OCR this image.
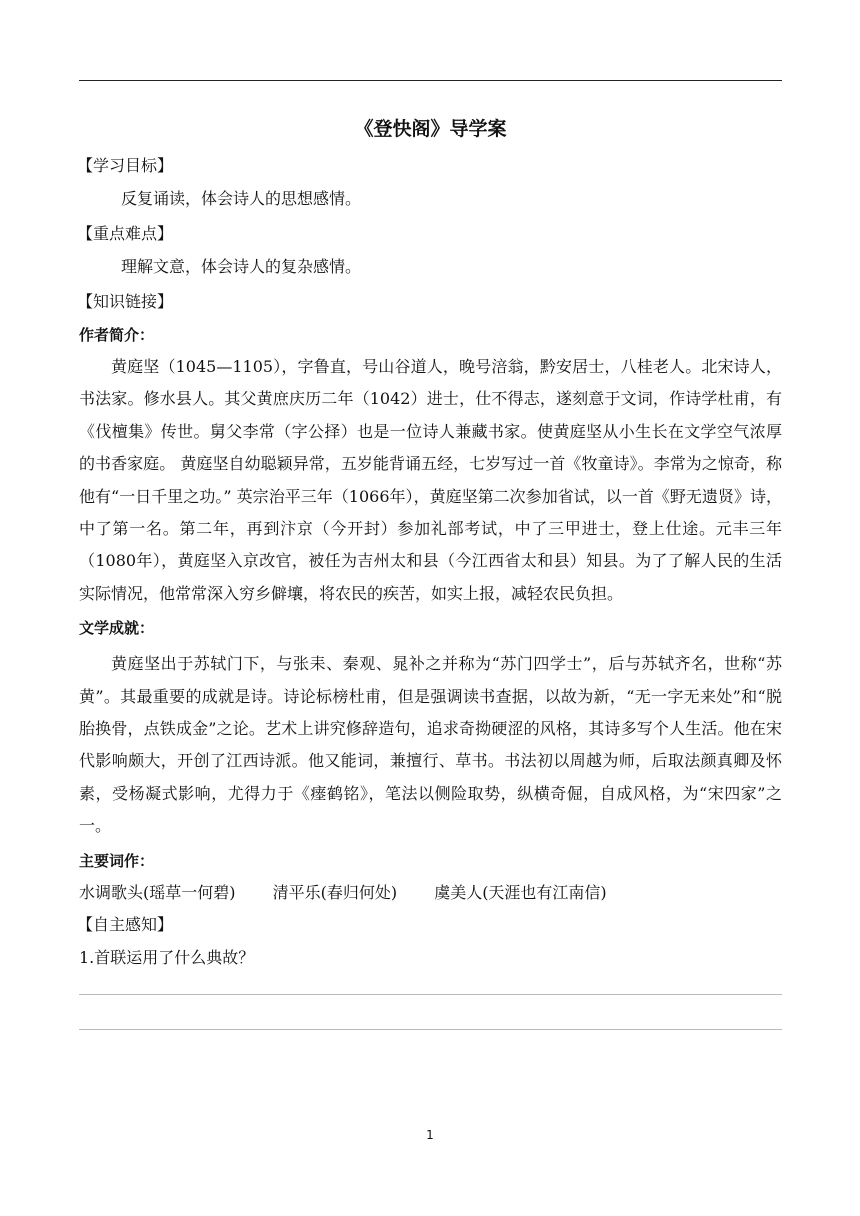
《登快阁》导学案
【学习目标】
反复诵读，体会诗人的思想感情。
【重点难点】
理解文意，体会诗人的复杂感情。
【知识链接】
作者简介：

黄庭坚（1045—1105），字鲁直，号山谷道人，晚号涪翁，黔安居士，八桂老人。北宋诗人，书法家。修水县人。其父黄庶庆历二年（1042）进士，仕不得志，遂刻意于文词，作诗学杜甫，有《伐檀集》传世。舅父李常（字公择）也是一位诗人兼藏书家。使黄庭坚从小生长在文学空气浓厚的书香家庭。 黄庭坚自幼聪颖异常，五岁能背诵五经，七岁写过一首《牧童诗》。李常为之惊奇，称他有“一日千里之功。” 英宗治平三年（1066年），黄庭坚第二次参加省试，以一首《野无遗贤》诗，中了第一名。第二年，再到汴京（今开封）参加礼部考试，中了三甲进士，登上仕途。元丰三年（1080年），黄庭坚入京改官，被任为吉州太和县（今江西省太和县）知县。为了了解人民的生活实际情况，他常常深入穷乡僻壤，将农民的疾苦，如实上报，减轻农民负担。

文学成就：

黄庭坚出于苏轼门下，与张耒、秦观、晁补之并称为“苏门四学士”，后与苏轼齐名，世称“苏黄”。其最重要的成就是诗。诗论标榜杜甫，但是强调读书查据，以故为新，“无一字无来处”和“脱胎换骨，点铁成金”之论。艺术上讲究修辞造句，追求奇拗硬涩的风格，其诗多写个人生活。他在宋代影响颇大，开创了江西诗派。他又能词，兼擅行、草书。书法初以周越为师，后取法颜真卿及怀素，受杨凝式影响，尤得力于《瘗鹤铭》，笔法以侧险取势，纵横奇倔，自成风格，为“宋四家”之一。

主要词作：
水调歌头(瑶草一何碧) 清平乐(春归何处) 虞美人(天涯也有江南信)
【自主感知】
1.首联运用了什么典故？
1
